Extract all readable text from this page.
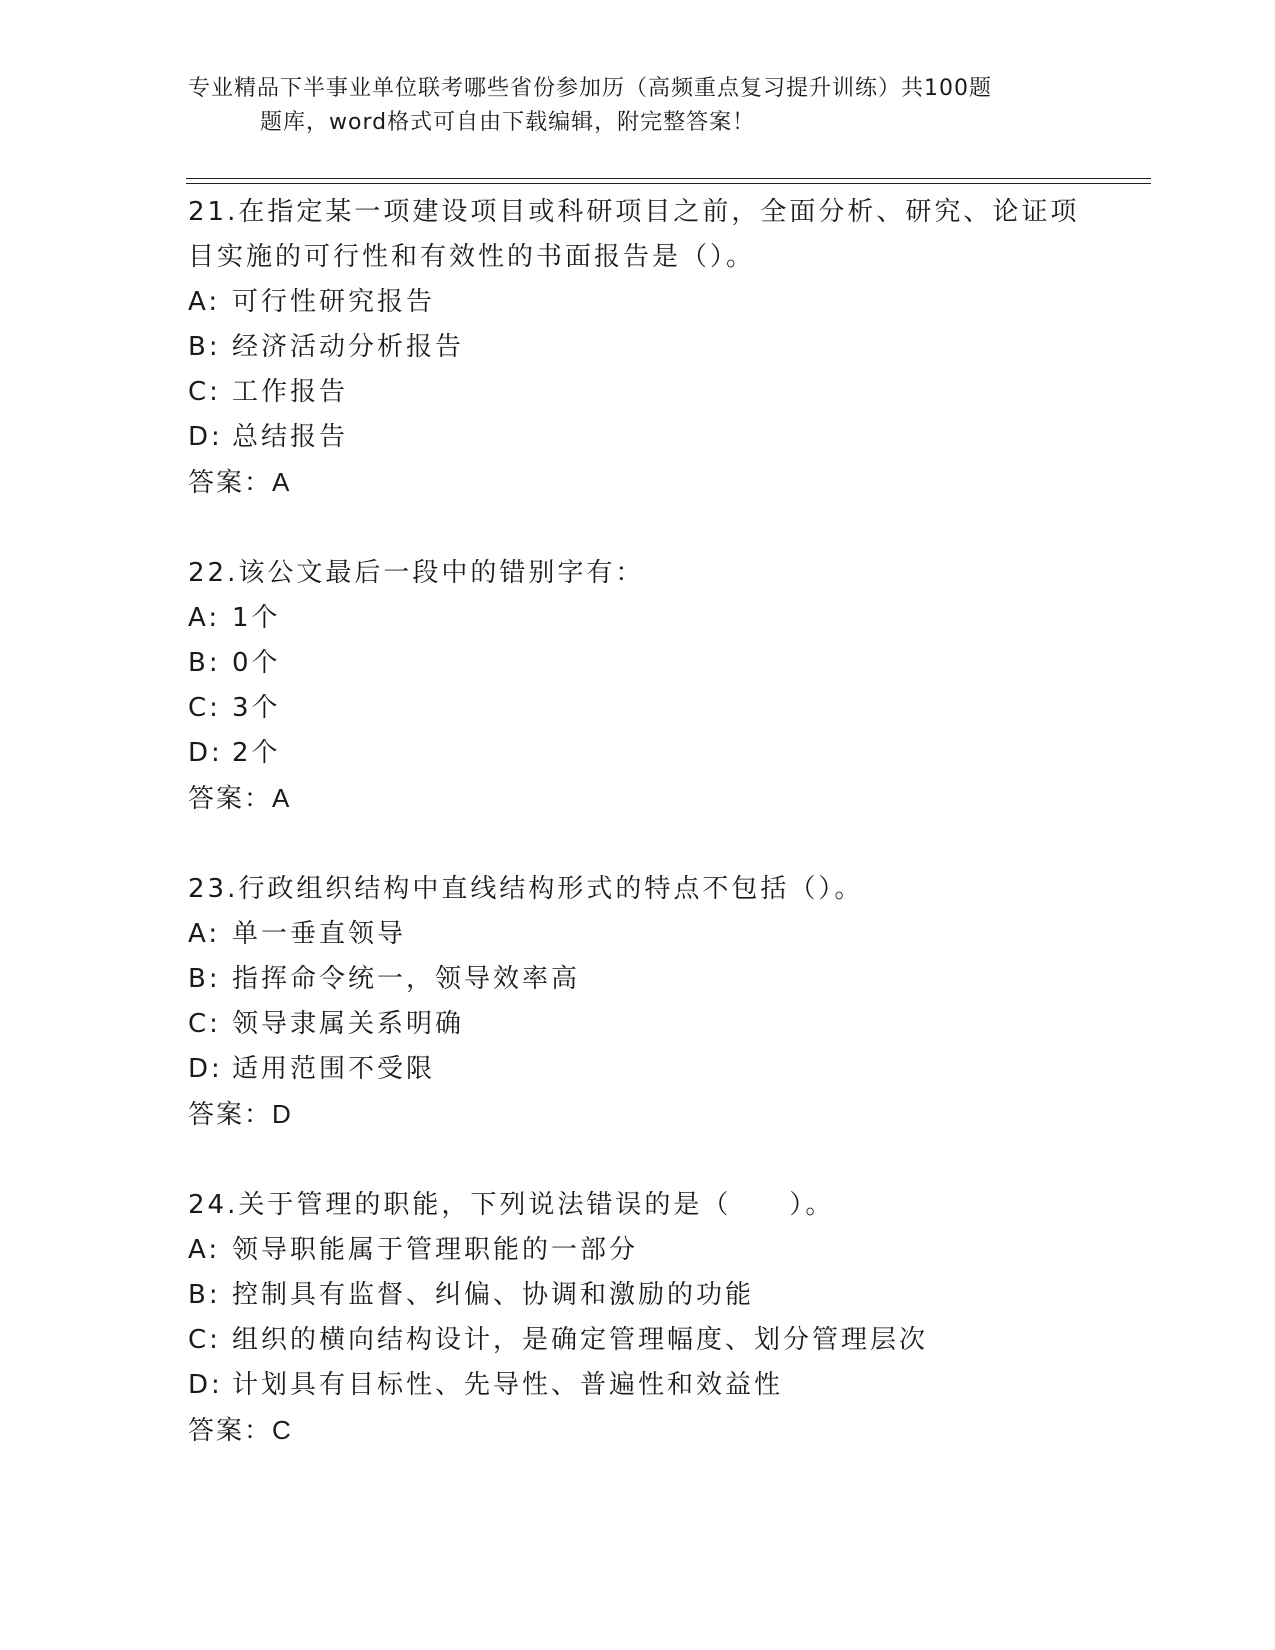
专业精品下半事业单位联考哪些省份参加历（高频重点复习提升训练）共100题
题库，word格式可自由下载编辑，附完整答案！

21.在指定某一项建设项目或科研项目之前，全面分析、研究、论证项目实施的可行性和有效性的书面报告是（）。

A: 可行性研究报告
B: 经济活动分析报告
C: 工作报告
D: 总结报告
答案：A

22.该公文最后一段中的错别字有：

A: 1个
B: 0个
C: 3个
D: 2个
答案：A

23.行政组织结构中直线结构形式的特点不包括（）。

A: 单一垂直领导
B: 指挥命令统一，领导效率高
C: 领导隶属关系明确
D: 适用范围不受限
答案：D

24.关于管理的职能，下列说法错误的是（　　）。

A: 领导职能属于管理职能的一部分
B: 控制具有监督、纠偏、协调和激励的功能
C: 组织的横向结构设计，是确定管理幅度、划分管理层次
D: 计划具有目标性、先导性、普遍性和效益性
答案：C
